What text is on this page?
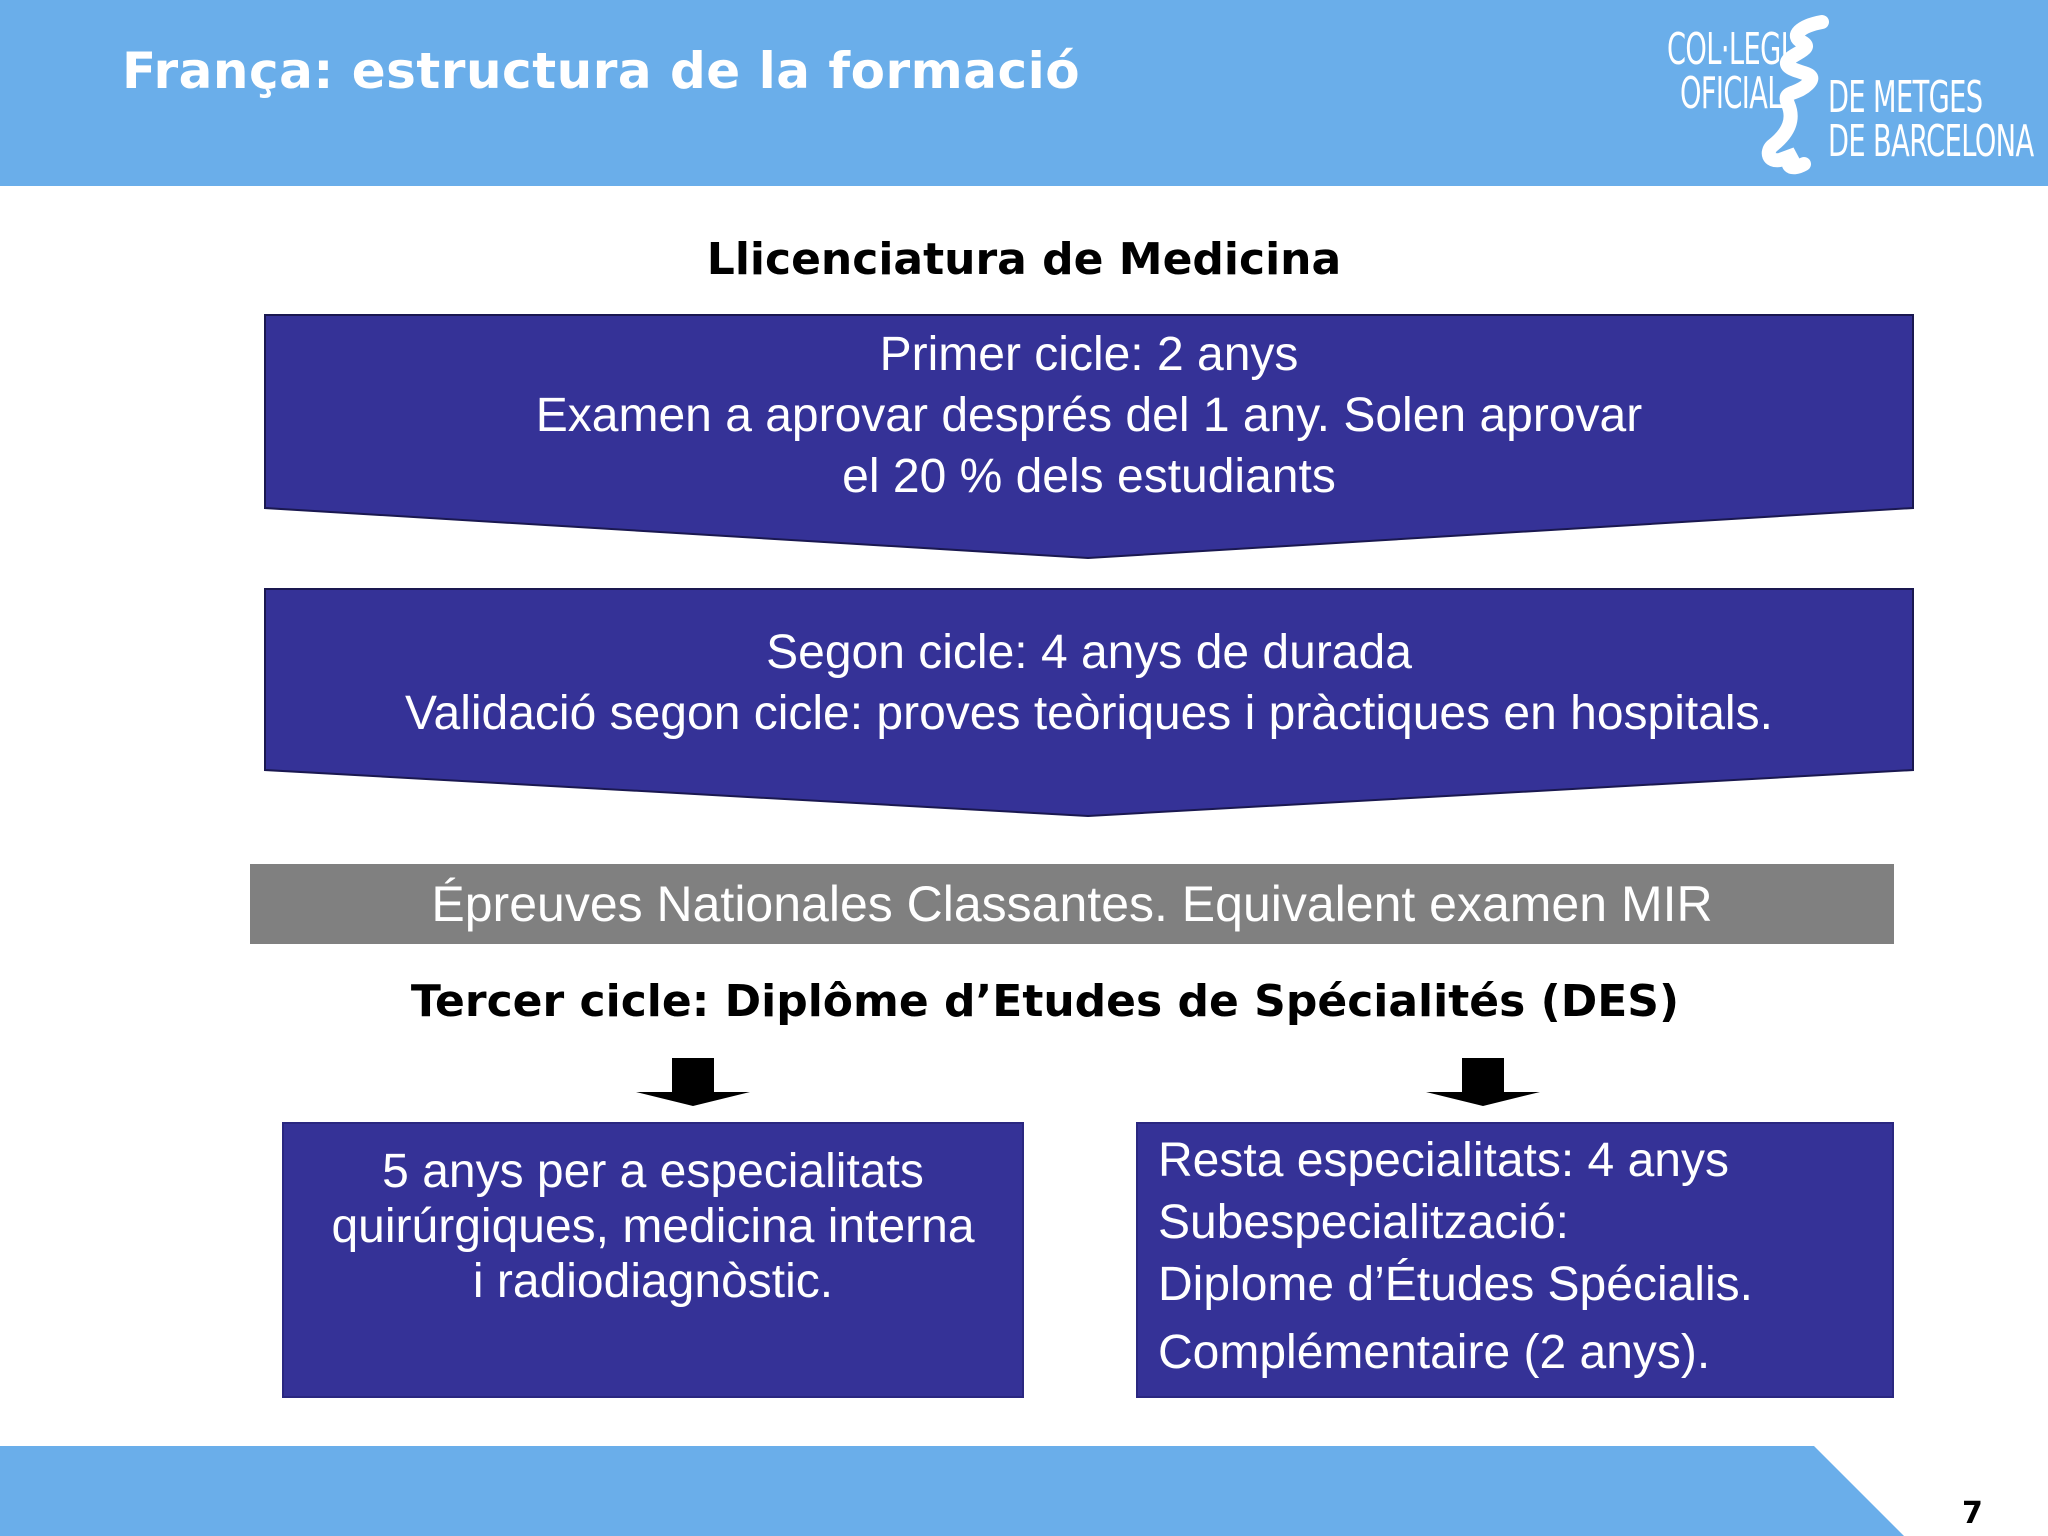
França: estructura de la formació	COL·LEGI
OFICIAL DE METGES
DE BARCELONA
Llicenciatura de Medicina
Primer cicle: 2 anys
Examen a aprovar després del 1 any. Solen aprovar
el 20 % dels estudiants
Segon cicle: 4 anys de durada
Validació segon cicle: proves teòriques i pràctiques en hospitals.
Épreuves Nationales Classantes. Equivalent examen MIR
Tercer cicle: Diplôme d’Etudes de Spécialités (DES)
5 anys per a especialitats
quirúrgiques, medicina interna
i radiodiagnòstic.
Resta especialitats: 4 anys
Subespecialització:
Diplome d’Études Spécialis.
Complémentaire (2 anys).
7
